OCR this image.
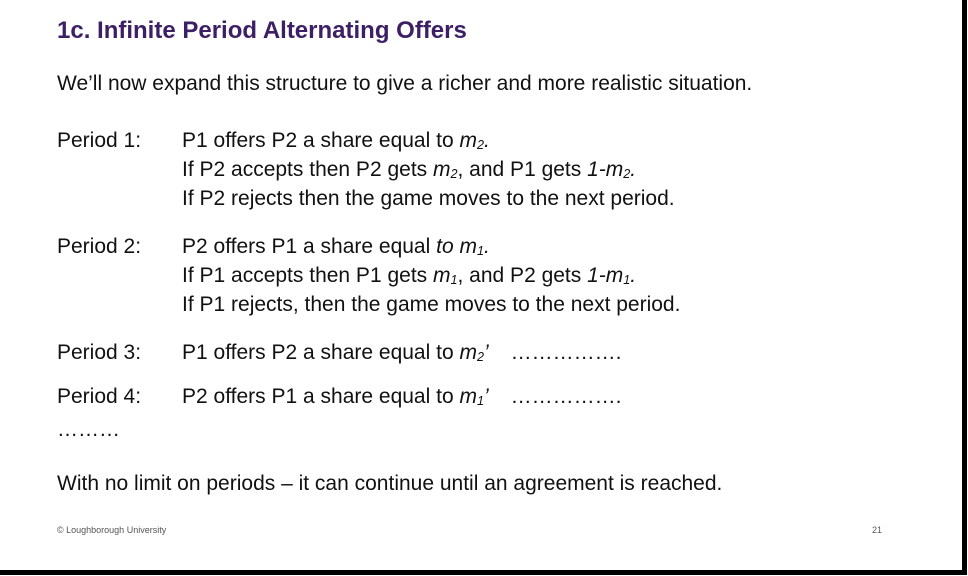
1c. Infinite Period Alternating Offers
We’ll now expand this structure to give a richer and more realistic situation.
Period 1:	P1 offers P2 a share equal to $m_2$.
If P2 accepts then P2 gets $m_2$, and P1 gets $1-m_2$.
If P2 rejects then the game moves to the next period.
Period 2:	P2 offers P1 a share equal to $m_1$.
If P1 accepts then P1 gets $m_1$, and P2 gets $1-m_1$.
If P1 rejects, then the game moves to the next period.
Period 3:	P1 offers P2 a share equal to $m_2$’ …………….
Period 4:	P2 offers P1 a share equal to $m_1$’ …………….
………
With no limit on periods – it can continue until an agreement is reached.
© Loughborough University	21
